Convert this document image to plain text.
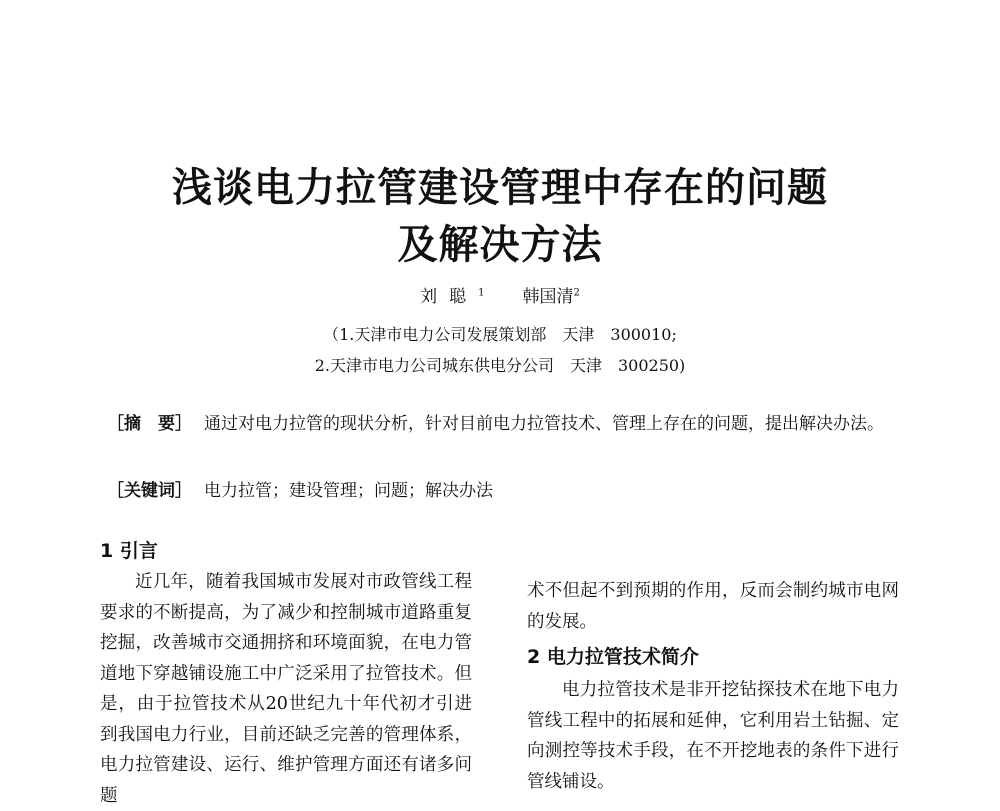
浅谈电力拉管建设管理中存在的问题
及解决方法
刘聪$^1$ 韩国清$^2$
（1.天津市电力公司发展策划部　天津　300010;
2.天津市电力公司城东供电分公司　天津　300250)
［摘　要］ 通过对电力拉管的现状分析，针对目前电力拉管技术、管理上存在的问题，提出解决办法。
［关键词］ 电力拉管；建设管理；问题；解决办法
1 引言

近几年，随着我国城市发展对市政管线工程要求的不断提高，为了减少和控制城市道路重复挖掘，改善城市交通拥挤和环境面貌，在电力管道地下穿越铺设施工中广泛采用了拉管技术。但是，由于拉管技术从20世纪九十年代初才引进到我国电力行业，目前还缺乏完善的管理体系，电力拉管建设、运行、维护管理方面还有诸多问题

术不但起不到预期的作用，反而会制约城市电网的发展。

2 电力拉管技术简介

电力拉管技术是非开挖钻探技术在地下电力管线工程中的拓展和延伸，它利用岩土钻掘、定向测控等技术手段，在不开挖地表的条件下进行管线铺设。
